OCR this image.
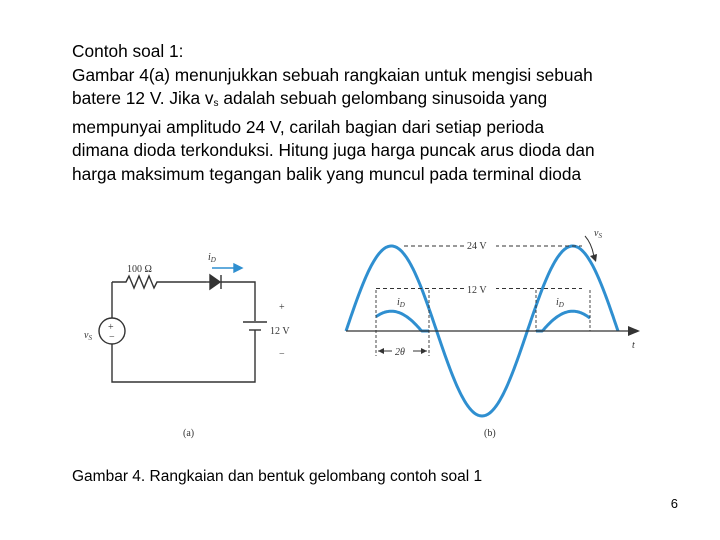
Contoh soal 1:
Gambar 4(a) menunjukkan sebuah rangkaian untuk mengisi sebuah
batere 12 V. Jika $v_s$ adalah sebuah gelombang sinusoida yang
mempunyai amplitudo 24 V, carilah bagian dari setiap perioda
dimana dioda terkonduksi. Hitung juga harga puncak arus dioda dan
harga maksimum tegangan balik yang muncul pada terminal dioda
100 Ω
$i_D$
$v_S$
+
−
+
−
12 V
(a)
$v_S$
24 V
12 V
$i_D$	$i_D$
2θ
t
(b)
Gambar 4. Rangkaian dan bentuk gelombang contoh soal 1
6
